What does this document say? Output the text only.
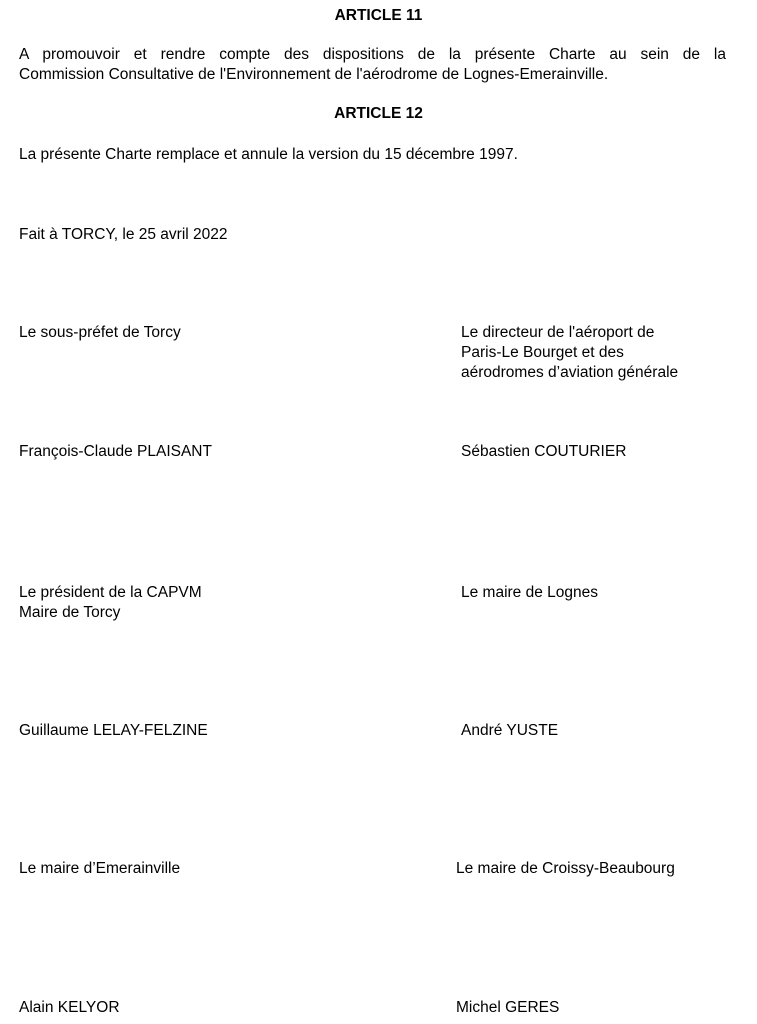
ARTICLE 11
A promouvoir et rendre compte des dispositions de la présente Charte au sein de la
Commission Consultative de l'Environnement de l'aérodrome de Lognes-Emerainville.
ARTICLE 12
La présente Charte remplace et annule la version du 15 décembre 1997.
Fait à TORCY, le 25 avril 2022
Le sous-préfet de Torcy
François-Claude PLAISANT
Le directeur de l'aéroport de
Paris-Le Bourget et des
aérodromes d’aviation générale
Sébastien COUTURIER
Le président de la CAPVM
Maire de Torcy
Guillaume LELAY-FELZINE
Le maire de Lognes
André YUSTE
Le maire d’Emerainville
Alain KELYOR
Le maire de Croissy-Beaubourg
Michel GERES
